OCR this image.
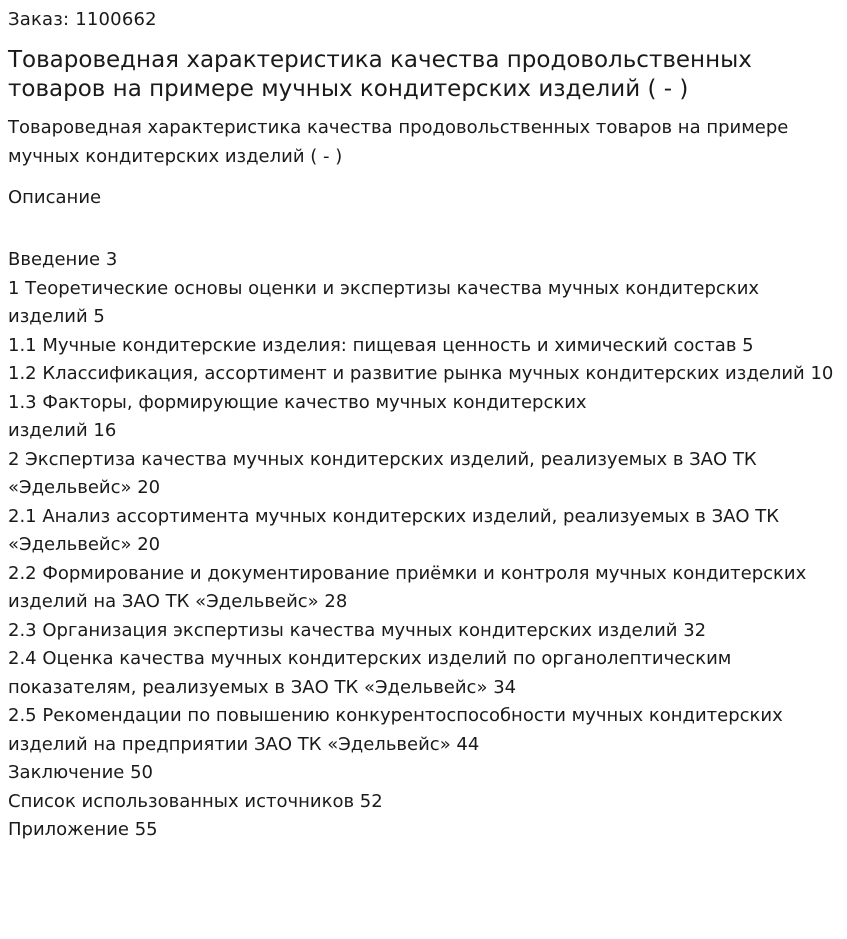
Заказ: 1100662
Товароведная характеристика качества продовольственных товаров на примере мучных кондитерских изделий ( - )
Товароведная характеристика качества продовольственных товаров на примере мучных кондитерских изделий ( - )
Описание
Введение 3
1 Теоретические основы оценки и экспертизы качества мучных кондитерских изделий 5
1.1 Мучные кондитерские изделия: пищевая ценность и химический состав 5
1.2 Классификация, ассортимент и развитие рынка мучных кондитерских изделий 10
1.3 Факторы, формирующие качество мучных кондитерских
изделий 16
2 Экспертиза качества мучных кондитерских изделий, реализуемых в ЗАО ТК «Эдельвейс» 20
2.1 Анализ ассортимента мучных кондитерских изделий, реализуемых в ЗАО ТК «Эдельвейс» 20
2.2 Формирование и документирование приёмки и контроля мучных кондитерских изделий на ЗАО ТК «Эдельвейс» 28
2.3 Организация экспертизы качества мучных кондитерских изделий 32
2.4 Оценка качества мучных кондитерских изделий по органолептическим показателям, реализуемых в ЗАО ТК «Эдельвейс» 34
2.5 Рекомендации по повышению конкурентоспособности мучных кондитерских изделий на предприятии ЗАО ТК «Эдельвейс» 44
Заключение 50
Список использованных источников 52
Приложение 55
